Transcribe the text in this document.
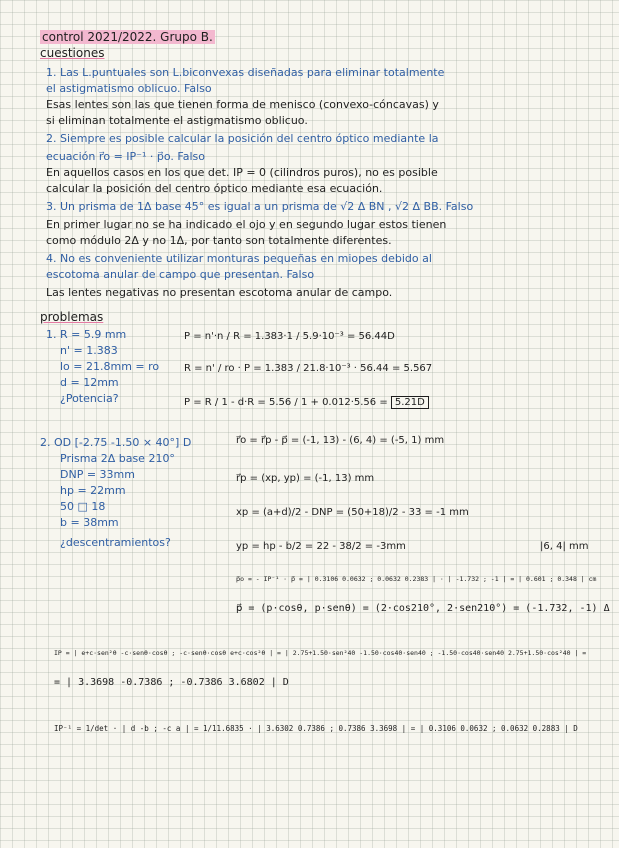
control 2021/2022. Grupo B.
cuestiones
1. Las L.puntuales son L.biconvexas diseñadas para eliminar totalmente
el astigmatismo oblicuo. Falso
Esas lentes son las que tienen forma de menisco (convexo-cóncavas) y
si eliminan totalmente el astigmatismo oblicuo.
2. Siempre es posible calcular la posición del centro óptico mediante la
ecuación r⃗o = IP⁻¹ · p⃗o. Falso
En aquellos casos en los que det. IP = 0 (cilindros puros), no es posible
calcular la posición del centro óptico mediante esa ecuación.
3. Un prisma de 1Δ base 45° es igual a un prisma de √2 Δ BN , √2 Δ BB. Falso
En primer lugar no se ha indicado el ojo y en segundo lugar estos tienen
como módulo 2Δ y no 1Δ, por tanto son totalmente diferentes.
4. No es conveniente utilizar monturas pequeñas en miopes debido al
escotoma anular de campo que presentan. Falso
Las lentes negativas no presentan escotoma anular de campo.
problemas
1. R = 5.9 mm
n' = 1.383
lo = 21.8mm = ro
d = 12mm
¿Potencia?
P = n'·n / R = 1.383·1 / 5.9·10⁻³ = 56.44D
R = n' / ro · P = 1.383 / 21.8·10⁻³ · 56.44 = 5.567
P = R / 1 - d·R = 5.56 / 1 + 0.012·5.56 = 5.21D
2. OD [-2.75 -1.50 × 40°] D
Prisma 2Δ base 210°
DNP = 33mm
hp = 22mm
50 □ 18
b = 38mm
¿descentramientos?
r⃗o = r⃗p - p⃗ = (-1, 13) - (6, 4) = (-5, 1) mm
r⃗p = (xp, yp) = (-1, 13) mm
xp = (a+d)/2 - DNP = (50+18)/2 - 33 = -1 mm
yp = hp - b/2 = 22 - 38/2 = -3mm	|6, 4| mm
p⃗o = - IP⁻¹ · p⃗ = | 0.3106 0.0632 ; 0.0632 0.2383 | · | -1.732 ; -1 | = | 0.601 ; 0.348 | cm
p⃗ = (p·cosθ, p·senθ) = (2·cos210°, 2·sen210°) = (-1.732, -1) Δ
IP = | e+c·sen²θ -c·senθ·cosθ ; -c·senθ·cosθ e+c·cos²θ | = | 2.75+1.50·sen²40 -1.50·cos40·sen40 ; -1.50·cos40·sen40 2.75+1.50·cos²40 | =
= | 3.3698 -0.7386 ; -0.7386 3.6802 | D
IP⁻¹ = 1/det · | d -b ; -c a | = 1/11.6835 · | 3.6302 0.7386 ; 0.7386 3.3698 | = | 0.3106 0.0632 ; 0.0632 0.2883 | D
